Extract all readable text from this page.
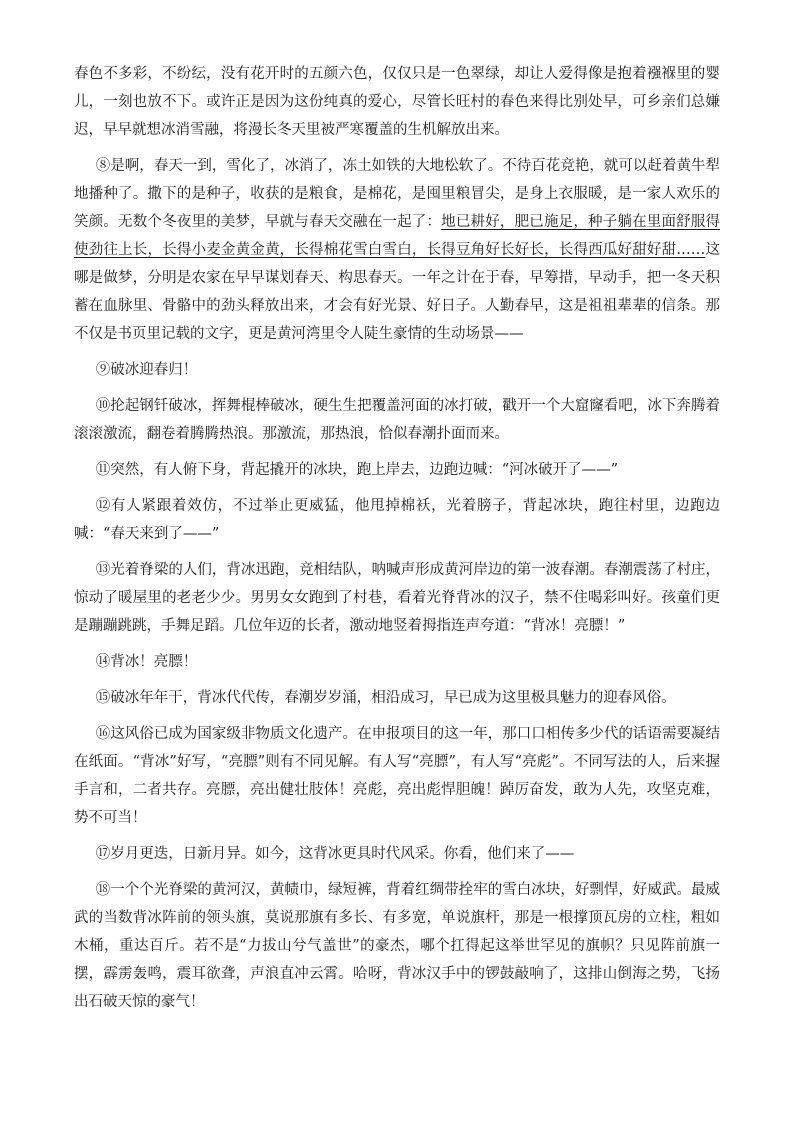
春色不多彩，不纷纭，没有花开时的五颜六色，仅仅只是一色翠绿，却让人爱得像是抱着襁褓里的婴儿，一刻也放不下。或许正是因为这份纯真的爱心，尽管长旺村的春色来得比别处早，可乡亲们总嫌迟，早早就想冰消雪融，将漫长冬天里被严寒覆盖的生机解放出来。

⑧是啊，春天一到，雪化了，冰消了，冻土如铁的大地松软了。不待百花竞艳，就可以赶着黄牛犁地播种了。撒下的是种子，收获的是粮食，是棉花，是囤里粮冒尖，是身上衣服暖，是一家人欢乐的笑颜。无数个冬夜里的美梦，早就与春天交融在一起了：地已耕好，肥已施足，种子躺在里面舒服得使劲往上长，长得小麦金黄金黄，长得棉花雪白雪白，长得豆角好长好长，长得西瓜好甜好甜……这哪是做梦，分明是农家在早早谋划春天、构思春天。一年之计在于春，早筹措，早动手，把一冬天积蓄在血脉里、骨骼中的劲头释放出来，才会有好光景、好日子。人勤春早，这是祖祖辈辈的信条。那不仅是书页里记载的文字，更是黄河湾里令人陡生豪情的生动场景——

⑨破冰迎春归！

⑩抡起钢钎破冰，挥舞棍棒破冰，硬生生把覆盖河面的冰打破，戳开一个大窟窿看吧，冰下奔腾着滚滚激流，翻卷着腾腾热浪。那激流，那热浪，恰似春潮扑面而来。

⑪突然，有人俯下身，背起撬开的冰块，跑上岸去，边跑边喊：“河冰破开了——”

⑫有人紧跟着效仿，不过举止更威猛，他甩掉棉袄，光着膀子，背起冰块，跑往村里，边跑边喊：“春天来到了——”

⑬光着脊梁的人们，背冰迅跑，竞相结队，呐喊声形成黄河岸边的第一波春潮。春潮震荡了村庄，惊动了暖屋里的老老少少。男男女女跑到了村巷，看着光脊背冰的汉子，禁不住喝彩叫好。孩童们更是蹦蹦跳跳，手舞足蹈。几位年迈的长者，激动地竖着拇指连声夸道：“背冰！亮膘！”

⑭背冰！亮膘！

⑮破冰年年干，背冰代代传，春潮岁岁涌，相沿成习，早已成为这里极具魅力的迎春风俗。

⑯这风俗已成为国家级非物质文化遗产。在申报项目的这一年，那口口相传多少代的话语需要凝结在纸面。“背冰”好写，“亮膘”则有不同见解。有人写“亮膘”，有人写“亮彪”。不同写法的人，后来握手言和，二者共存。亮膘，亮出健壮肢体！亮彪，亮出彪悍胆魄！踔厉奋发，敢为人先，攻坚克难，势不可当！

⑰岁月更迭，日新月异。如今，这背冰更具时代风采。你看，他们来了——

⑱一个个光脊梁的黄河汉，黄帻巾，绿短裤，背着红绸带拴牢的雪白冰块，好剽悍，好威武。最威武的当数背冰阵前的领头旗，莫说那旗有多长、有多宽，单说旗杆，那是一根撑顶瓦房的立柱，粗如木桶，重达百斤。若不是“力拔山兮气盖世”的豪杰，哪个扛得起这举世罕见的旗帜？只见阵前旗一摆，霹雳轰鸣，震耳欲聋，声浪直冲云霄。哈呀，背冰汉手中的锣鼓敲响了，这排山倒海之势，飞扬出石破天惊的豪气！
